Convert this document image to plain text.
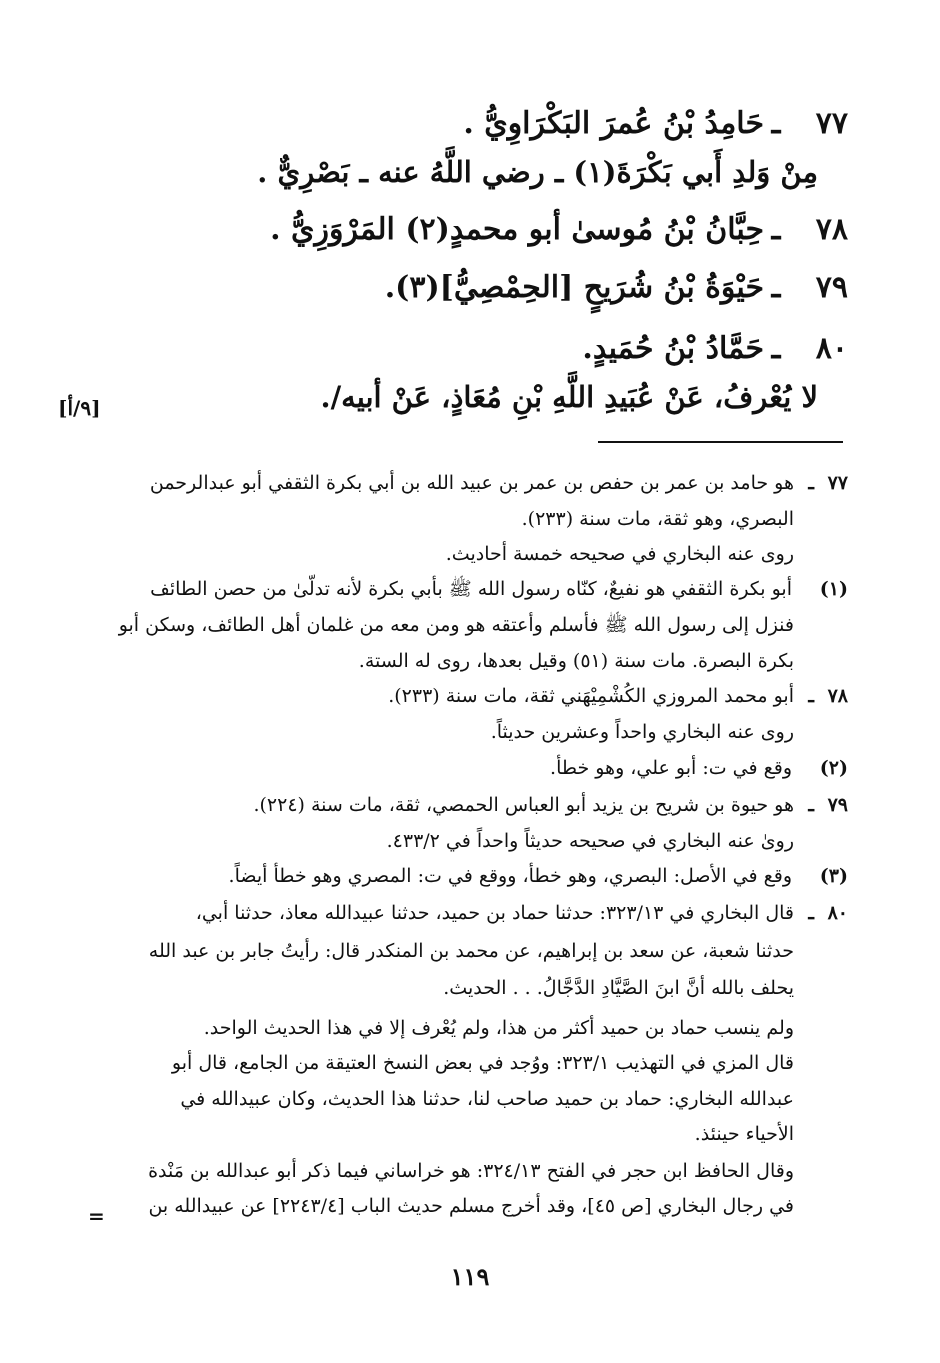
٧٧ـحَامِدُ بْنُ عُمرَ البَكْرَاوِيُّ .
مِنْ وَلدِ أَبي بَكْرَةَ(١) ـ رضي اللَّهُ عنه ـ بَصْرِيٌّ .
٧٨ـحِبَّانُ بْنُ مُوسىٰ أبو محمدٍ(٢) المَرْوَزِيُّ .
٧٩ـحَيْوَةُ بْنُ شُرَيحٍ [الحِمْصِيُّ](٣).
٨٠ـحَمَّادُ بْنُ حُمَيدٍ.
لا يُعْرفُ، عَنْ عُبَيدِ اللَّهِ بْنِ مُعَاذٍ، عَنْ أبيه/.
[٩/أ]
٧٧ـهو حامد بن عمر بن حفص بن عمر بن عبيد الله بن أبي بكرة الثقفي أبو عبدالرحمن
البصري، وهو ثقة، مات سنة (٢٣٣).
روى عنه البخاري في صحيحه خمسة أحاديث.
(١)أبو بكرة الثقفي هو نفيعٌ، كنّاه رسول الله ﷺ بأبي بكرة لأنه تدلّىٰ من حصن الطائف
فنزل إلى رسول الله ﷺ فأسلم وأعتقه هو ومن معه من غلمان أهل الطائف، وسكن أبو
بكرة البصرة. مات سنة (٥١) وقيل بعدها، روى له الستة.
٧٨ـأبو محمد المروزي الكُشْمِيْهَني ثقة، مات سنة (٢٣٣).
روى عنه البخاري واحداً وعشرين حديثاً.
(٢)وقع في ت: أبو علي، وهو خطأ.
٧٩ـهو حيوة بن شريح بن يزيد أبو العباس الحمصي، ثقة، مات سنة (٢٢٤).
روىٰ عنه البخاري في صحيحه حديثاً واحداً في ٤٣٣/٢.
(٣)وقع في الأصل: البصري، وهو خطأ، ووقع في ت: المصري وهو خطأ أيضاً.
٨٠ـقال البخاري في ٣٢٣/١٣: حدثنا حماد بن حميد، حدثنا عبيدالله معاذ، حدثنا أبي،
حدثنا شعبة، عن سعد بن إبراهيم، عن محمد بن المنكدر قال: رأيتُ جابر بن عبد الله
يحلف بالله أنَّ ابنَ الصَّيَّادِ الدَّجَّالُ. . . الحديث.
ولم ينسب حماد بن حميد أكثر من هذا، ولم يُعْرف إلا في هذا الحديث الواحد.
قال المزي في التهذيب ٣٢٣/١: ووُجد في بعض النسخ العتيقة من الجامع، قال أبو
عبدالله البخاري: حماد بن حميد صاحب لنا، حدثنا هذا الحديث، وكان عبيدالله في
الأحياء حينئذ.
وقال الحافظ ابن حجر في الفتح ٣٢٤/١٣: هو خراساني فيما ذكر أبو عبدالله بن مَنْدة
في رجال البخاري [ص ٤٥]، وقد أخرج مسلم حديث الباب [٢٢٤٣/٤] عن عبيدالله بن
=
١١٩
